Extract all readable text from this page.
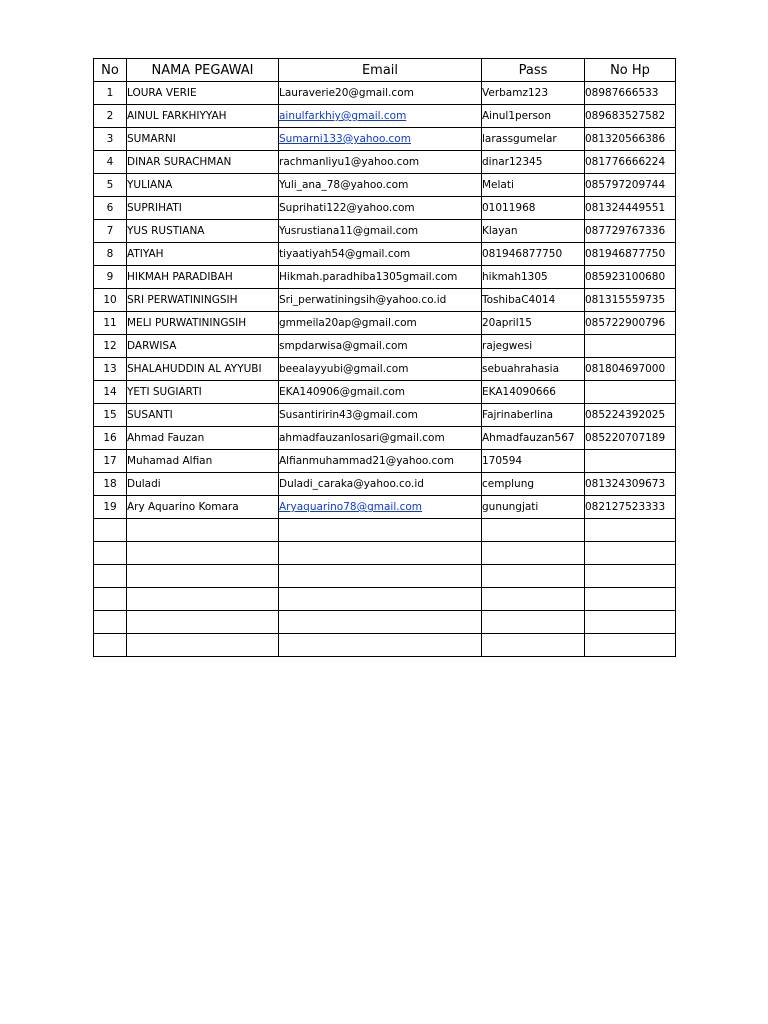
No	NAMA PEGAWAI	Email	Pass	No Hp
1	LOURA VERIE	Lauraverie20@gmail.com	Verbamz123	08987666533
2	AINUL FARKHIYYAH	ainulfarkhiy@gmail.com	Ainul1person	089683527582
3	SUMARNI	Sumarni133@yahoo.com	larassgumelar	081320566386
4	DINAR SURACHMAN	rachmanliyu1@yahoo.com	dinar12345	081776666224
5	YULIANA	Yuli_ana_78@yahoo.com	Melati	085797209744
6	SUPRIHATI	Suprihati122@yahoo.com	01011968	081324449551
7	YUS RUSTIANA	Yusrustiana11@gmail.com	Klayan	087729767336
8	ATIYAH	tiyaatiyah54@gmail.com	081946877750	081946877750
9	HIKMAH PARADIBAH	Hikmah.paradhiba1305gmail.com	hikmah1305	085923100680
10	SRI PERWATININGSIH	Sri_perwatiningsih@yahoo.co.id	ToshibaC4014	081315559735
11	MELI PURWATININGSIH	gmmeila20ap@gmail.com	20april15	085722900796
12	DARWISA	smpdarwisa@gmail.com	rajegwesi	
13	SHALAHUDDIN AL AYYUBI	beealayyubi@gmail.com	sebuahrahasia	081804697000
14	YETI SUGIARTI	EKA140906@gmail.com	EKA14090666	
15	SUSANTI	Susantiririn43@gmail.com	Fajrinaberlina	085224392025
16	Ahmad Fauzan	ahmadfauzanlosari@gmail.com	Ahmadfauzan567	085220707189
17	Muhamad Alfian	Alfianmuhammad21@yahoo.com	170594	
18	Duladi	Duladi_caraka@yahoo.co.id	cemplung	081324309673
19	Ary Aquarino Komara	Aryaquarino78@gmail.com	gunungjati	082127523333
